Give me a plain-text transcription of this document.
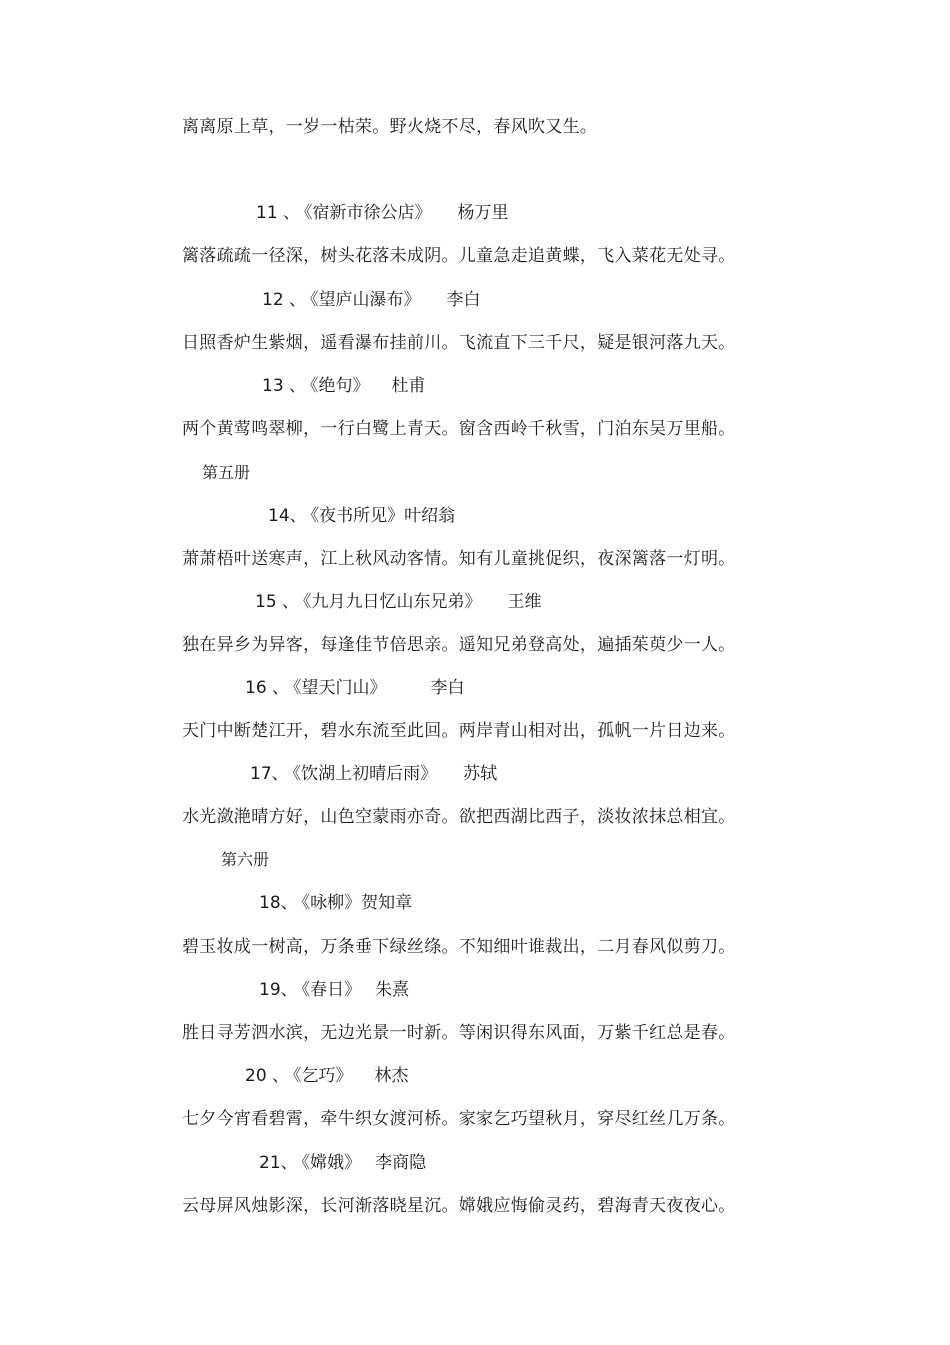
离离原上草，一岁一枯荣。野火烧不尽，春风吹又生。
11 、 《宿新市徐公店》 杨万里
篱落疏疏一径深，树头花落未成阴。儿童急走追黄蝶，飞入菜花无处寻。
12 、 《望庐山瀑布》 李白
日照香炉生紫烟，遥看瀑布挂前川。飞流直下三千尺，疑是银河落九天。
13 、 《绝句》 杜甫
两个黄莺鸣翠柳，一行白鹭上青天。窗含西岭千秋雪，门泊东吴万里船。
第五册
14、 《夜书所见》叶绍翁
萧萧梧叶送寒声，江上秋风动客情。知有儿童挑促织，夜深篱落一灯明。
15 、 《九月九日忆山东兄弟》 王维
独在异乡为异客，每逢佳节倍思亲。遥知兄弟登高处，遍插茱萸少一人。
16 、 《望天门山》	李白
天门中断楚江开，碧水东流至此回。两岸青山相对出，孤帆一片日边来。
17、 《饮湖上初晴后雨》 苏轼
水光潋滟晴方好，山色空蒙雨亦奇。欲把西湖比西子，淡妆浓抹总相宜。
第六册
18、 《咏柳》贺知章
碧玉妆成一树高，万条垂下绿丝绦。不知细叶谁裁出，二月春风似剪刀。
19、 《春日》 朱熹
胜日寻芳泗水滨，无边光景一时新。等闲识得东风面，万紫千红总是春。
20 、 《乞巧》 林杰
七夕今宵看碧霄，牵牛织女渡河桥。家家乞巧望秋月，穿尽红丝几万条。
21、 《嫦娥》 李商隐
云母屏风烛影深，长河渐落晓星沉。嫦娥应悔偷灵药，碧海青天夜夜心。
